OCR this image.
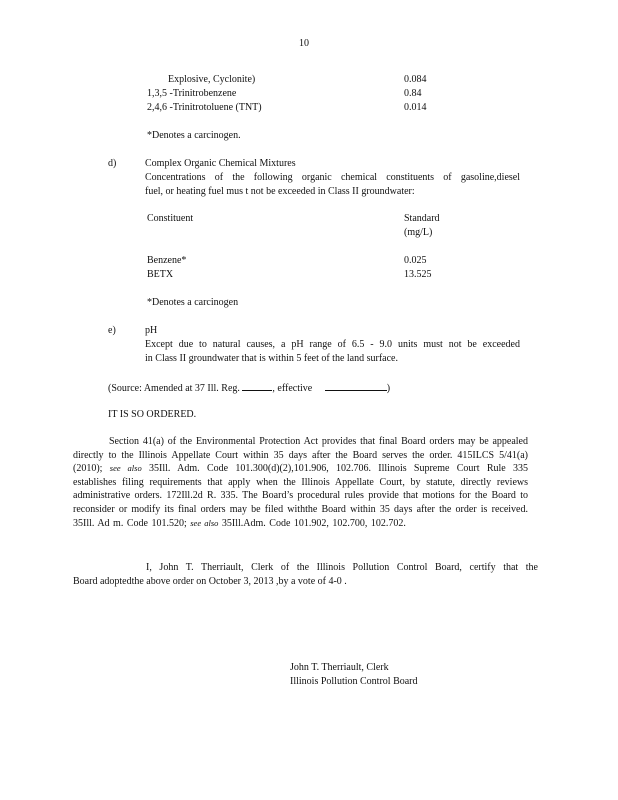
10
Explosive, Cyclonite)	0.084
1,3,5 -Trinitrobenzene	0.84
2,4,6 -Trinitrotoluene (TNT)	0.014
*Denotes a carcinogen.
d)	Complex Organic Chemical Mixtures
Concentrations of the following organic chemical constituents of gasoline,diesel
fuel, or heating fuel mus t not be exceeded in Class II groundwater:
Constituent	Standard
(mg/L)
Benzene*	0.025
BETX	13.525
*Denotes a carcinogen
e)	pH
Except due to natural causes, a pH range of 6.5 - 9.0 units must not be exceeded
in Class II groundwater that is within 5 feet of the land surface.
(Source: Amended at 37 Ill. Reg.	, effective	)
IT IS SO ORDERED.
Section 41(a) of the Environmental Protection Act provides that final Board orders may be appealed directly to the Illinois Appellate Court within 35 days after the Board serves the order. 415ILCS 5/41(a) (2010); see also 35Ill. Adm. Code 101.300(d)(2),101.906, 102.706. Illinois Supreme Court Rule 335 establishes filing requirements that apply when the Illinois Appellate Court, by statute, directly reviews administrative orders. 172Ill.2d R. 335. The Board’s procedural rules provide that motions for the Board to reconsider or modify its final orders may be filed withthe Board within 35 days after the order is received. 35Ill. Ad m. Code 101.520; see also 35Ill.Adm. Code 101.902, 102.700, 102.702.
I, John T. Therriault, Clerk of the Illinois Pollution Control Board, certify that the
Board adoptedthe above order on October 3, 2013 ,by a vote of 4-0 .
John T. Therriault, Clerk
Illinois Pollution Control Board
